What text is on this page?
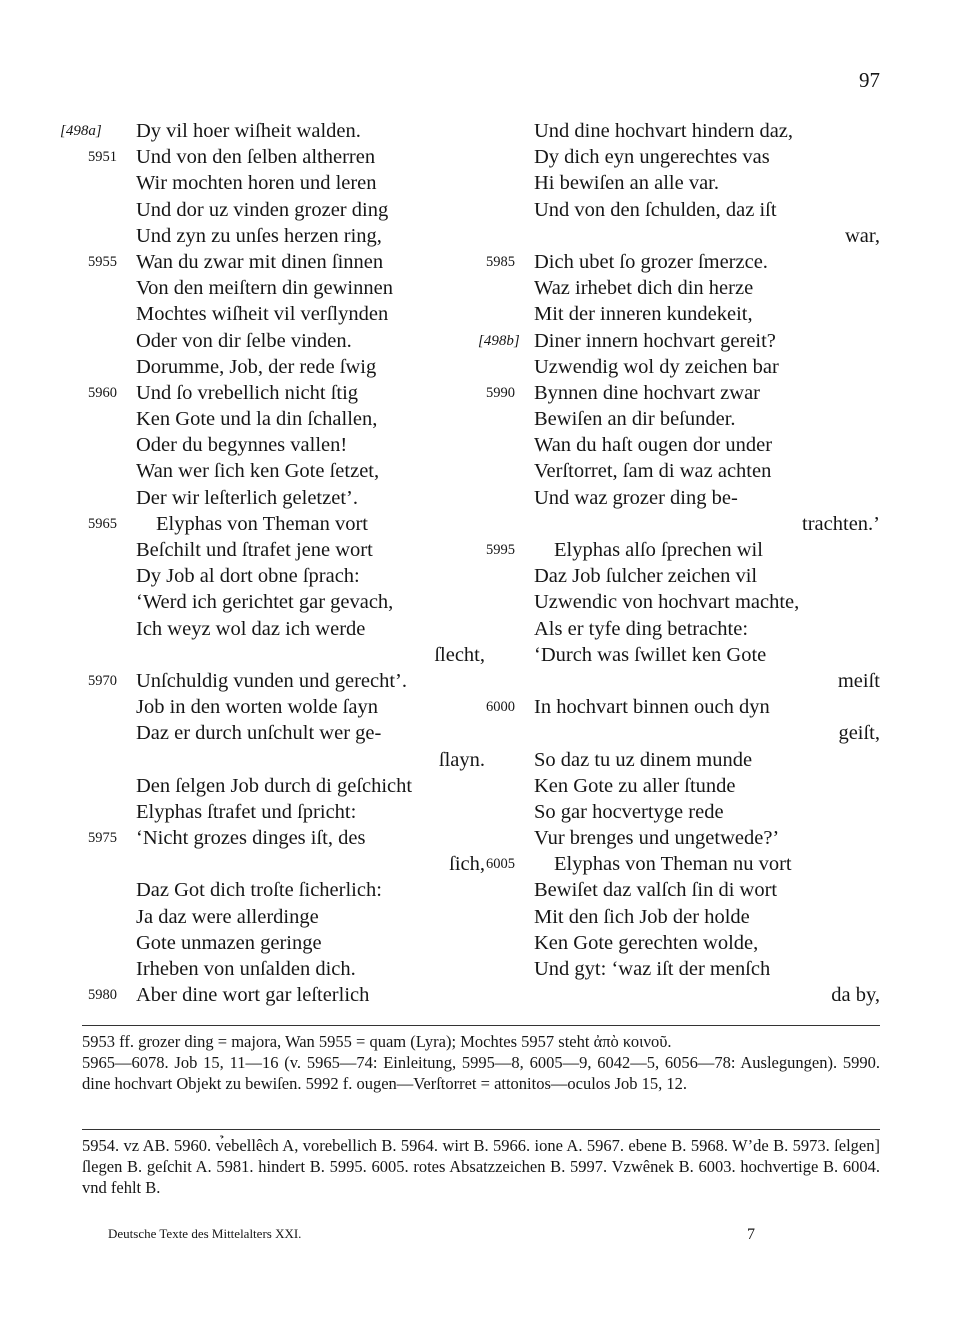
97
[498a] Dy vil hoer wiſheit walden.
5951 Und von den ſelben altherren
Wir mochten horen und leren
Und dor uz vinden grozer ding
Und zyn zu unſes herzen ring,
5955 Wan du zwar mit dinen ſinnen
Von den meiſtern din gewinnen
Mochtes wiſheit vil verſlynden
Oder von dir ſelbe vinden.
Dorumme, Job, der rede ſwig
5960 Und ſo vrebellich nicht ſtig
Ken Gote und la din ſchallen,
Oder du begynnes vallen!
Wan wer ſich ken Gote ſetzet,
Der wir leſterlich geletzet’.
5965 Elyphas von Theman vort
Beſchilt und ſtrafet jene wort
Dy Job al dort obne ſprach:
‘Werd ich gerichtet gar gevach,
Ich weyz wol daz ich werde
ſlecht,
5970 Unſchuldig vunden und gerecht’.
Job in den worten wolde ſayn
Daz er durch unſchult wer ge-
ſlayn.
Den ſelgen Job durch di geſchicht
Elyphas ſtrafet und ſpricht:
5975 ‘Nicht grozes dinges iſt, des
ſich,
Daz Got dich troſte ſicherlich:
Ja daz were allerdinge
Gote unmazen geringe
Irheben von unſalden dich.
5980 Aber dine wort gar leſterlich
Und dine hochvart hindern daz,
Dy dich eyn ungerechtes vas
Hi bewiſen an alle var.
Und von den ſchulden, daz iſt
war,
5985 Dich ubet ſo grozer ſmerzce.
Waz irhebet dich din herze
Mit der inneren kundekeit,
[498b] Diner innern hochvart gereit?
Uzwendig wol dy zeichen bar
5990 Bynnen dine hochvart zwar
Bewiſen an dir beſunder.
Wan du haſt ougen dor under
Verſtorret, ſam di waz achten
Und waz grozer ding be-
trachten.’
5995 Elyphas alſo ſprechen wil
Daz Job ſulcher zeichen vil
Uzwendic von hochvart machte,
Als er tyfe ding betrachte:
‘Durch was ſwillet ken Gote
meiſt
6000 In hochvart binnen ouch dyn
geiſt,
So daz tu uz dinem munde
Ken Gote zu aller ſtunde
So gar hocvertyge rede
Vur brenges und ungetwede?’
6005 Elyphas von Theman nu vort
Bewiſet daz valſch ſin di wort
Mit den ſich Job der holde
Ken Gote gerechten wolde,
Und gyt: ‘waz iſt der menſch
da by,

5953 ff. grozer ding = majora, Wan 5955 = quam (Lyra); Mochtes 5957 steht ἀπὸ κοινοῦ.

5965—6078. Job 15, 11—16 (v. 5965—74: Einleitung, 5995—8, 6005—9, 6042—5, 6056—78: Auslegungen). 5990. dine hochvart Objekt zu bewiſen. 5992 f. ougen—Verſtorret = attonitos—oculos Job 15, 12.

5954. vz AB. 5960. v̉ebellêch A, vorebellich B. 5964. wirt B. 5966. ione A. 5967. ebene B. 5968. W’de B. 5973. ſelgen] ſlegen B. geſchit A. 5981. hindert B. 5995. 6005. rotes Absatzzeichen B. 5997. Vzwênek B. 6003. hochvertige B. 6004. vnd fehlt B.

Deutsche Texte des Mittelalters XXI.	7
